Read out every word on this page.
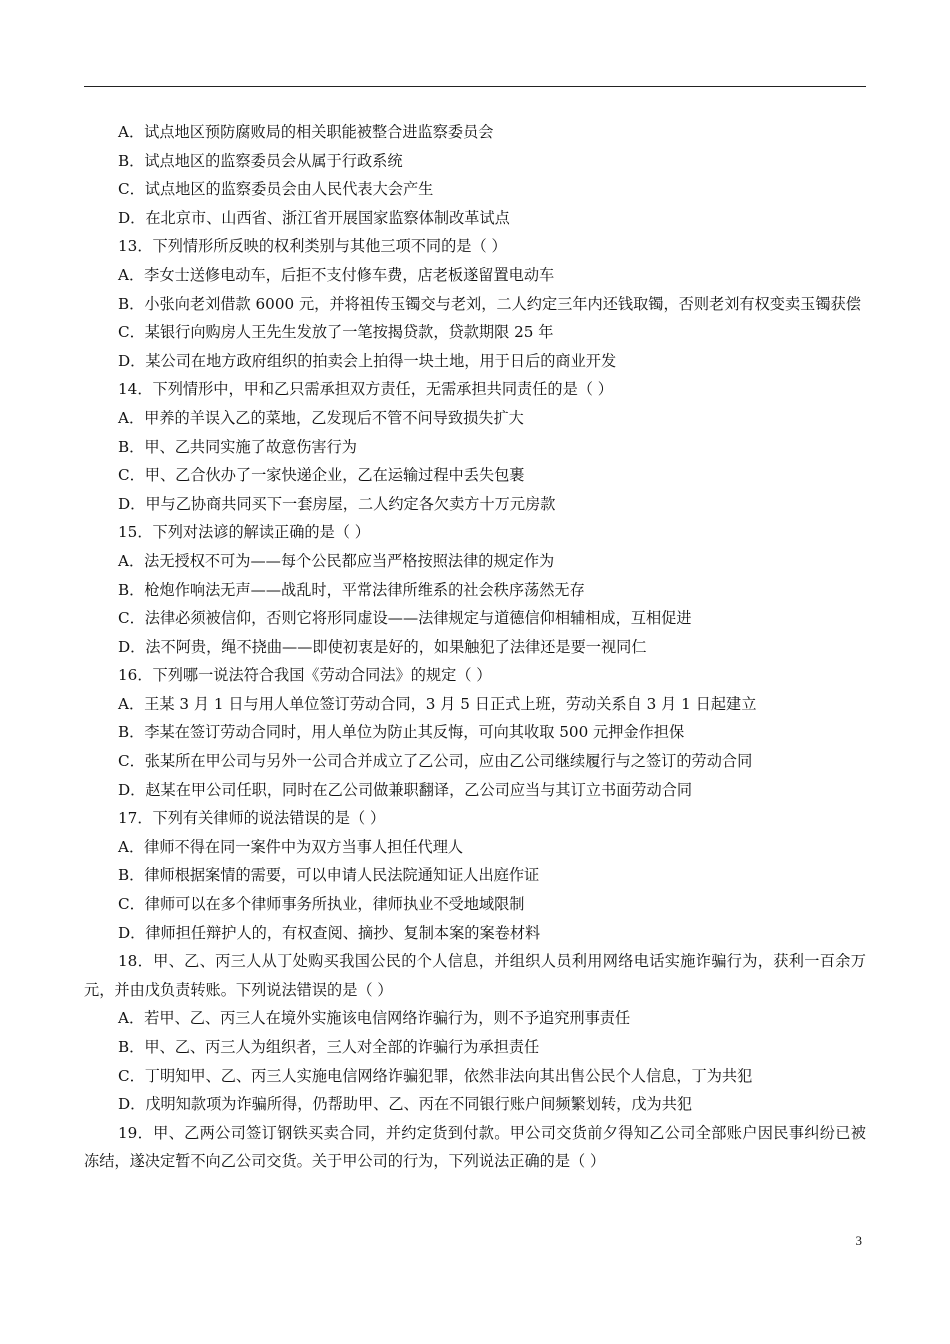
A．试点地区预防腐败局的相关职能被整合进监察委员会

B．试点地区的监察委员会从属于行政系统

C．试点地区的监察委员会由人民代表大会产生

D．在北京市、山西省、浙江省开展国家监察体制改革试点

13．下列情形所反映的权利类别与其他三项不同的是（ ）

A．李女士送修电动车，后拒不支付修车费，店老板遂留置电动车

B．小张向老刘借款 6000 元，并将祖传玉镯交与老刘，二人约定三年内还钱取镯，否则老刘有权变卖玉镯获偿

C．某银行向购房人王先生发放了一笔按揭贷款，贷款期限 25 年

D．某公司在地方政府组织的拍卖会上拍得一块土地，用于日后的商业开发

14．下列情形中，甲和乙只需承担双方责任，无需承担共同责任的是（ ）

A．甲养的羊误入乙的菜地，乙发现后不管不问导致损失扩大

B．甲、乙共同实施了故意伤害行为

C．甲、乙合伙办了一家快递企业，乙在运输过程中丢失包裹

D．甲与乙协商共同买下一套房屋，二人约定各欠卖方十万元房款

15．下列对法谚的解读正确的是（ ）

A．法无授权不可为——每个公民都应当严格按照法律的规定作为

B．枪炮作响法无声——战乱时，平常法律所维系的社会秩序荡然无存

C．法律必须被信仰，否则它将形同虚设——法律规定与道德信仰相辅相成，互相促进

D．法不阿贵，绳不挠曲——即使初衷是好的，如果触犯了法律还是要一视同仁

16．下列哪一说法符合我国《劳动合同法》的规定（ ）

A．王某 3 月 1 日与用人单位签订劳动合同，3 月 5 日正式上班，劳动关系自 3 月 1 日起建立

B．李某在签订劳动合同时，用人单位为防止其反悔，可向其收取 500 元押金作担保

C．张某所在甲公司与另外一公司合并成立了乙公司，应由乙公司继续履行与之签订的劳动合同

D．赵某在甲公司任职，同时在乙公司做兼职翻译，乙公司应当与其订立书面劳动合同

17．下列有关律师的说法错误的是（ ）

A．律师不得在同一案件中为双方当事人担任代理人

B．律师根据案情的需要，可以申请人民法院通知证人出庭作证

C．律师可以在多个律师事务所执业，律师执业不受地域限制

D．律师担任辩护人的，有权查阅、摘抄、复制本案的案卷材料

18．甲、乙、丙三人从丁处购买我国公民的个人信息，并组织人员利用网络电话实施诈骗行为，获利一百余万元，并由戊负责转账。下列说法错误的是（ ）

A．若甲、乙、丙三人在境外实施该电信网络诈骗行为，则不予追究刑事责任

B．甲、乙、丙三人为组织者，三人对全部的诈骗行为承担责任

C．丁明知甲、乙、丙三人实施电信网络诈骗犯罪，依然非法向其出售公民个人信息，丁为共犯

D．戊明知款项为诈骗所得，仍帮助甲、乙、丙在不同银行账户间频繁划转，戊为共犯

19．甲、乙两公司签订钢铁买卖合同，并约定货到付款。甲公司交货前夕得知乙公司全部账户因民事纠纷已被冻结，遂决定暂不向乙公司交货。关于甲公司的行为，下列说法正确的是（ ）

3
